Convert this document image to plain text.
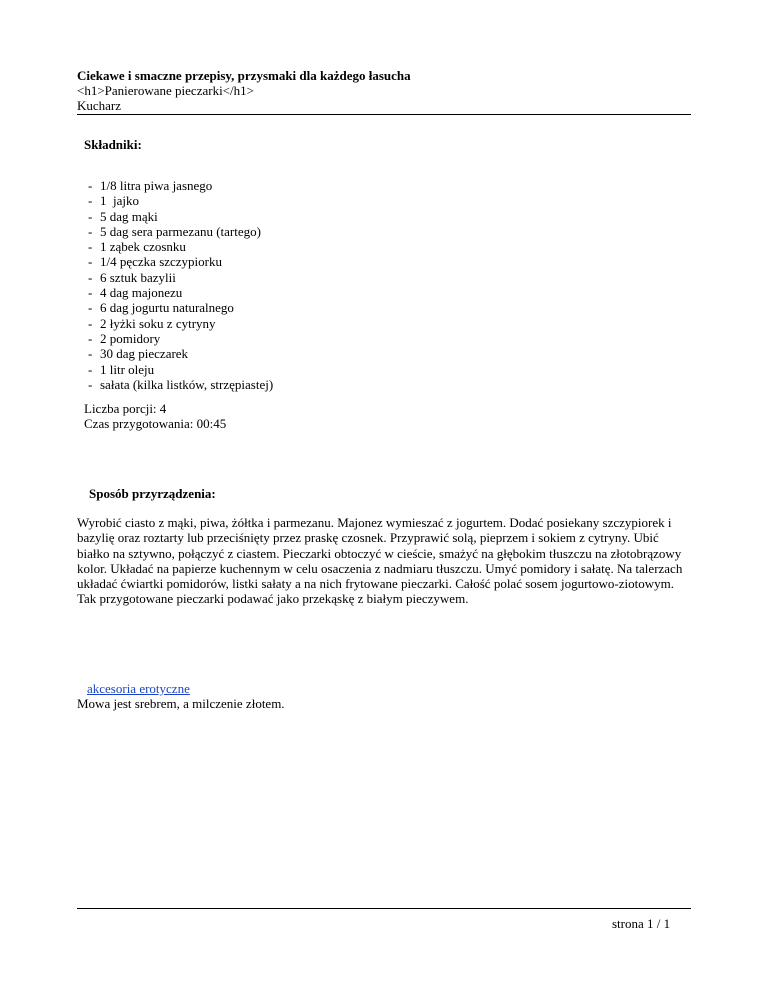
Ciekawe i smaczne przepisy, przysmaki dla każdego łasucha
<h1>Panierowane pieczarki</h1>
Kucharz
Składniki:
- 1/8 litra piwa jasnego
- 1  jajko
- 5 dag mąki
- 5 dag sera parmezanu (tartego)
- 1 ząbek czosnku
- 1/4 pęczka szczypiorku
- 6 sztuk bazylii
- 4 dag majonezu
- 6 dag jogurtu naturalnego
- 2 łyżki soku z cytryny
- 2 pomidory
- 30 dag pieczarek
- 1 litr oleju
- sałata (kilka listków, strzępiastej)
Liczba porcji: 4
Czas przygotowania: 00:45
Sposób przyrządzenia:

Wyrobić ciasto z mąki, piwa, żółtka i parmezanu. Majonez wymieszać z jogurtem. Dodać posiekany szczypiorek i bazylię oraz roztarty lub przeciśnięty przez praskę czosnek. Przyprawić solą, pieprzem i sokiem z cytryny. Ubić białko na sztywno, połączyć z ciastem. Pieczarki obtoczyć w cieście, smażyć na głębokim tłuszczu na złotobrązowy kolor. Układać na papierze kuchennym w celu osaczenia z nadmiaru tłuszczu. Umyć pomidory i sałatę. Na talerzach układać ćwiartki pomidorów, listki sałaty a na nich frytowane pieczarki. Całość polać sosem jogurtowo-ziotowym. Tak przygotowane pieczarki podawać jako przekąskę z białym pieczywem.

akcesoria erotyczne
Mowa jest srebrem, a milczenie złotem.
strona 1 / 1
